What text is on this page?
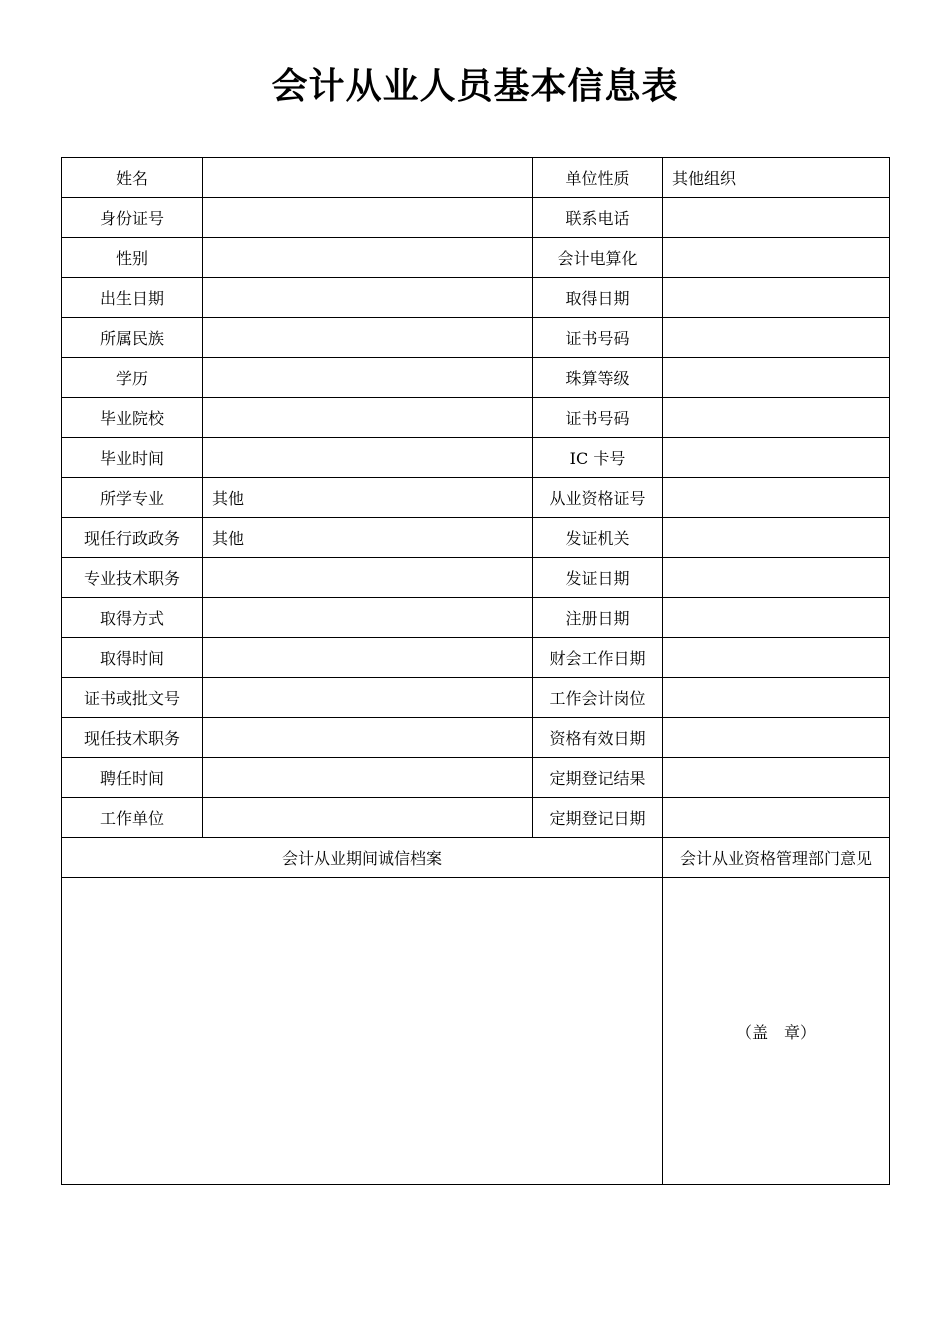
会计从业人员基本信息表
姓名		单位性质	其他组织
身份证号		联系电话	
性别		会计电算化	
出生日期		取得日期	
所属民族		证书号码	
学历		珠算等级	
毕业院校		证书号码	
毕业时间		IC 卡号	
所学专业	其他	从业资格证号	
现任行政政务	其他	发证机关	
专业技术职务		发证日期	
取得方式		注册日期	
取得时间		财会工作日期	
证书或批文号		工作会计岗位	
现任技术职务		资格有效日期	
聘任时间		定期登记结果	
工作单位		定期登记日期	
会计从业期间诚信档案			会计从业资格管理部门意见
			（盖　章）
